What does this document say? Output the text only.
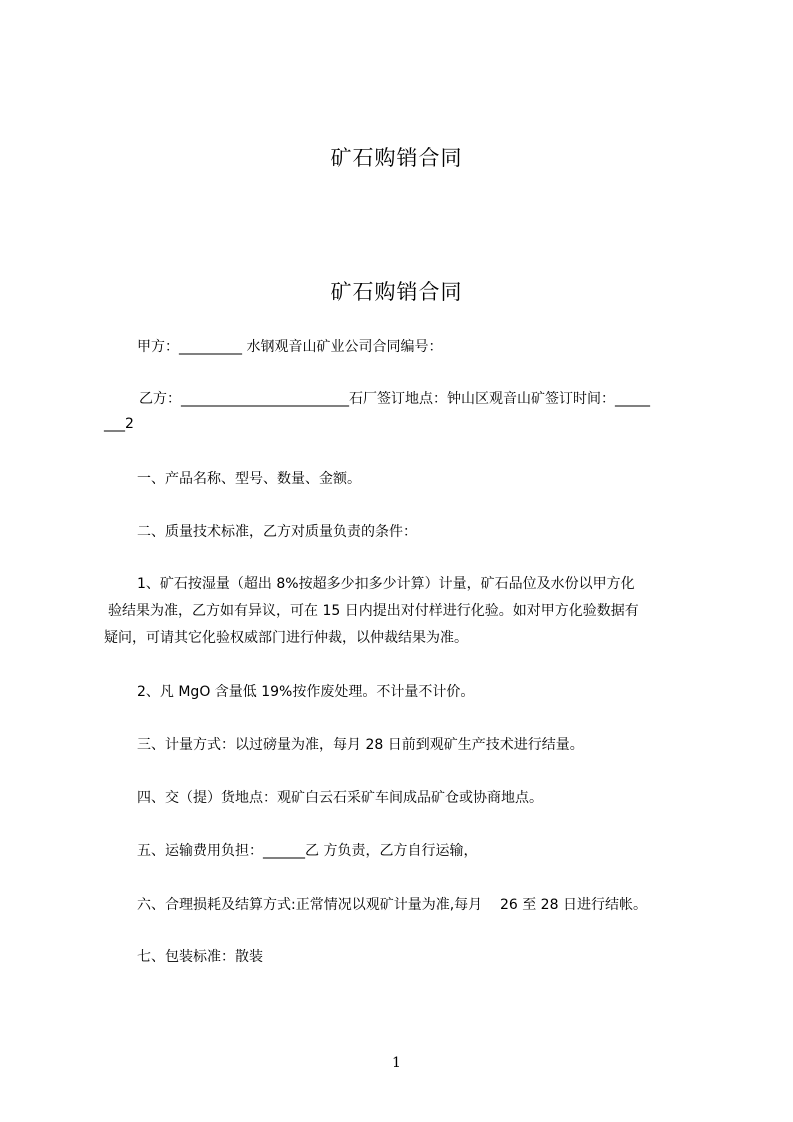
矿石购销合同
矿石购销合同
甲方：_________ 水钢观音山矿业公司合同编号：
乙方：________________________石厂签订地点：钟山区观音山矿签订时间：_____
___2
一、产品名称、型号、数量、金额。
二、质量技术标准，乙方对质量负责的条件：
1、矿石按湿量（超出 8%按超多少扣多少计算）计量，矿石品位及水份以甲方化
验结果为准，乙方如有异议，可在 15 日内提出对付样进行化验。如对甲方化验数据有
疑问，可请其它化验权威部门进行仲裁，以仲裁结果为准。
2、凡 MgO 含量低 19%按作废处理。不计量不计价。
三、计量方式：以过磅量为准，每月 28 日前到观矿生产技术进行结量。
四、交（提）货地点：观矿白云石采矿车间成品矿仓或协商地点。
五、运输费用负担：______乙 方负责，乙方自行运输，
六、合理损耗及结算方式:正常情况以观矿计量为准,每月    26 至 28 日进行结帐。
七、包装标准：散装
1
